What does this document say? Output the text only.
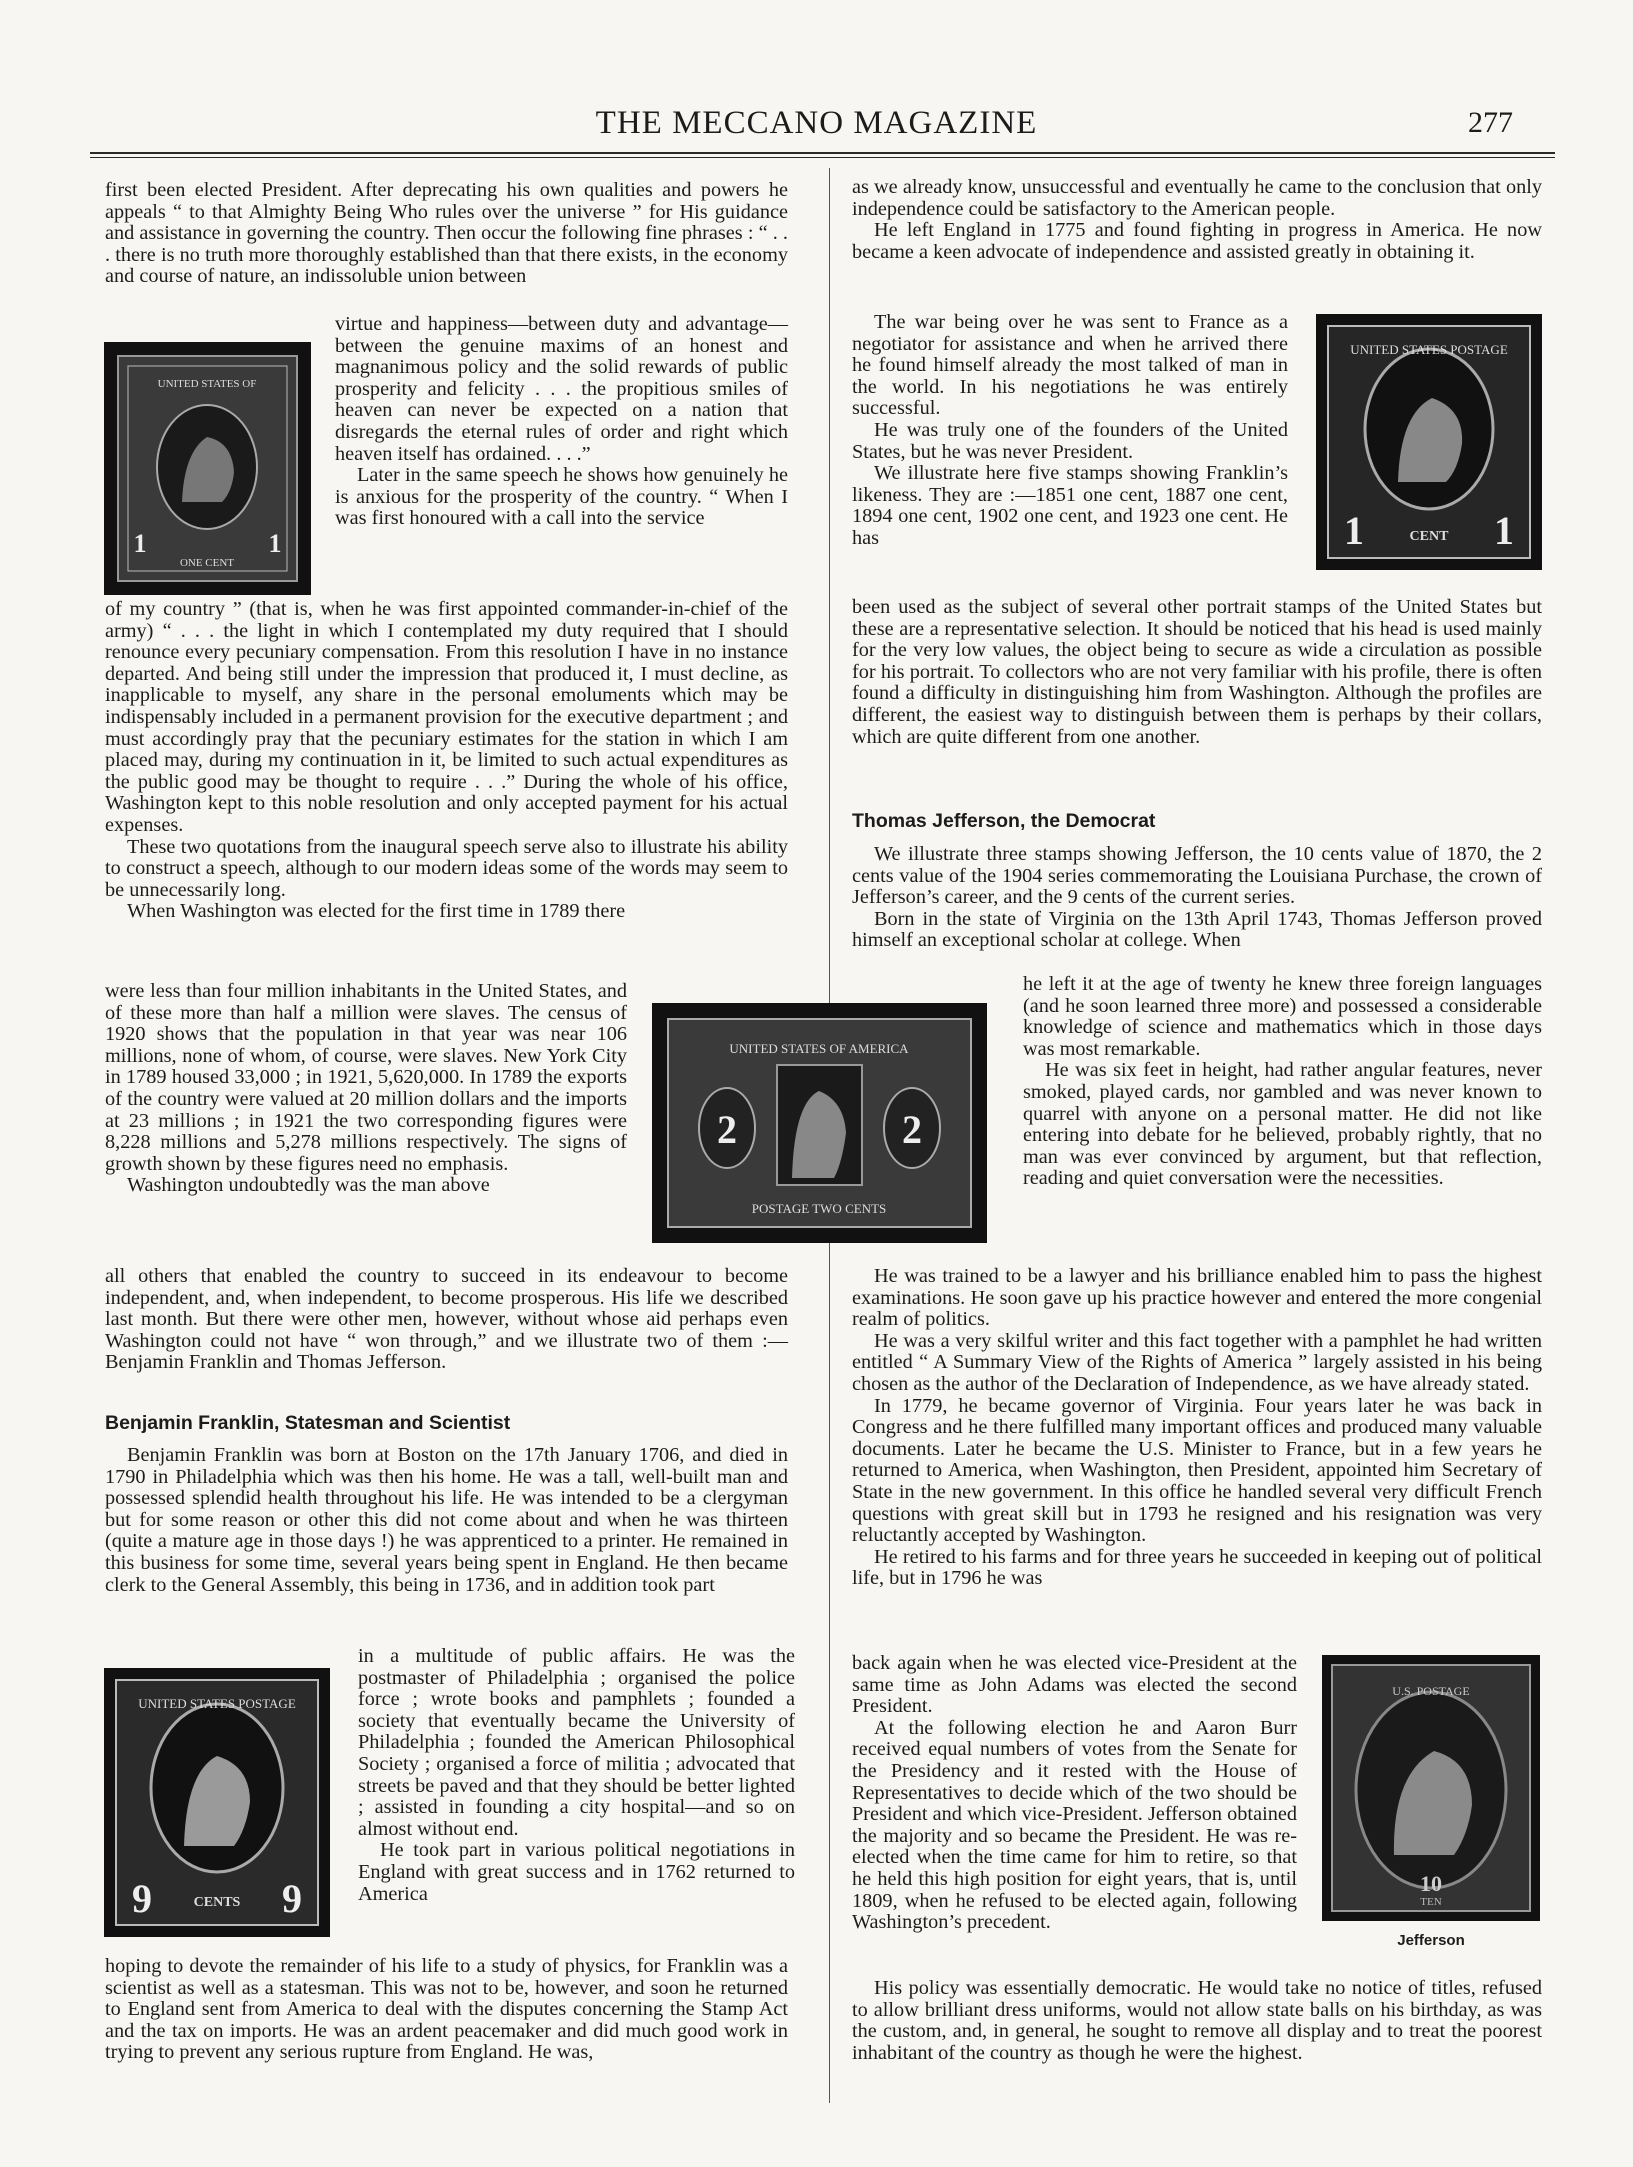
THE MECCANO MAGAZINE	277

first been elected President. After deprecating his own qualities and powers he appeals “ to that Almighty Being Who rules over the universe ” for His guidance and assistance in governing the country. Then occur the following fine phrases : “ . . . there is no truth more thoroughly established than that there exists, in the economy and course of nature, an indissoluble union between

virtue and happiness—between duty and advantage—between the genuine maxims of an honest and magnanimous policy and the solid rewards of public prosperity and felicity . . . the propitious smiles of heaven can never be expected on a nation that disregards the eternal rules of order and right which heaven itself has ordained. . . .”

Later in the same speech he shows how genuinely he is anxious for the prosperity of the country. “ When I was first honoured with a call into the service

of my country ” (that is, when he was first appointed commander-in-chief of the army) “ . . . the light in which I contemplated my duty required that I should renounce every pecuniary compensation. From this resolution I have in no instance departed. And being still under the impression that produced it, I must decline, as inapplicable to myself, any share in the personal emoluments which may be indispensably included in a permanent provision for the executive department ; and must accordingly pray that the pecuniary estimates for the station in which I am placed may, during my continuation in it, be limited to such actual expenditures as the public good may be thought to require . . .” During the whole of his office, Washington kept to this noble resolution and only accepted payment for his actual expenses.

These two quotations from the inaugural speech serve also to illustrate his ability to construct a speech, although to our modern ideas some of the words may seem to be unnecessarily long.

When Washington was elected for the first time in 1789 there

were less than four million inhabitants in the United States, and of these more than half a million were slaves. The census of 1920 shows that the population in that year was near 106 millions, none of whom, of course, were slaves. New York City in 1789 housed 33,000 ; in 1921, 5,620,000. In 1789 the exports of the country were valued at 20 million dollars and the imports at 23 millions ; in 1921 the two corresponding figures were 8,228 millions and 5,278 millions respectively. The signs of growth shown by these figures need no emphasis.

Washington undoubtedly was the man above

all others that enabled the country to succeed in its endeavour to become independent, and, when independent, to become prosperous. His life we described last month. But there were other men, however, without whose aid perhaps even Washington could not have “ won through,” and we illustrate two of them :— Benjamin Franklin and Thomas Jefferson.

Benjamin Franklin, Statesman and Scientist

Benjamin Franklin was born at Boston on the 17th January 1706, and died in 1790 in Philadelphia which was then his home. He was a tall, well-built man and possessed splendid health throughout his life. He was intended to be a clergyman but for some reason or other this did not come about and when he was thirteen (quite a mature age in those days !) he was apprenticed to a printer. He remained in this business for some time, several years being spent in England. He then became clerk to the General Assembly, this being in 1736, and in addition took part

in a multitude of public affairs. He was the postmaster of Philadelphia ; organised the police force ; wrote books and pamphlets ; founded a society that eventually became the University of Philadelphia ; founded the American Philosophical Society ; organised a force of militia ; advocated that streets be paved and that they should be better lighted ; assisted in founding a city hospital—and so on almost without end.

He took part in various political negotiations in England with great success and in 1762 returned to America

hoping to devote the remainder of his life to a study of physics, for Franklin was a scientist as well as a statesman. This was not to be, however, and soon he returned to England sent from America to deal with the disputes concerning the Stamp Act and the tax on imports. He was an ardent peacemaker and did much good work in trying to prevent any serious rupture from England. He was,

as we already know, unsuccessful and eventually he came to the conclusion that only independence could be satisfactory to the American people.

He left England in 1775 and found fighting in progress in America. He now became a keen advocate of independence and assisted greatly in obtaining it.

The war being over he was sent to France as a negotiator for assistance and when he arrived there he found himself already the most talked of man in the world. In his negotiations he was entirely successful.

He was truly one of the founders of the United States, but he was never President.

We illustrate here five stamps showing Franklin’s likeness. They are :—1851 one cent, 1887 one cent, 1894 one cent, 1902 one cent, and 1923 one cent. He has

been used as the subject of several other portrait stamps of the United States but these are a representative selection. It should be noticed that his head is used mainly for the very low values, the object being to secure as wide a circulation as possible for his portrait. To collectors who are not very familiar with his profile, there is often found a difficulty in distinguishing him from Washington. Although the profiles are different, the easiest way to distinguish between them is perhaps by their collars, which are quite different from one another.

Thomas Jefferson, the Democrat

We illustrate three stamps showing Jefferson, the 10 cents value of 1870, the 2 cents value of the 1904 series commemorating the Louisiana Purchase, the crown of Jefferson’s career, and the 9 cents of the current series.

Born in the state of Virginia on the 13th April 1743, Thomas Jefferson proved himself an exceptional scholar at college. When

he left it at the age of twenty he knew three foreign languages (and he soon learned three more) and possessed a considerable knowledge of science and mathematics which in those days was most remarkable.

He was six feet in height, had rather angular features, never smoked, played cards, nor gambled and was never known to quarrel with anyone on a personal matter. He did not like entering into debate for he believed, probably rightly, that no man was ever convinced by argument, but that reflection, reading and quiet conversation were the necessities.

He was trained to be a lawyer and his brilliance enabled him to pass the highest examinations. He soon gave up his practice however and entered the more congenial realm of politics.

He was a very skilful writer and this fact together with a pamphlet he had written entitled “ A Summary View of the Rights of America ” largely assisted in his being chosen as the author of the Declaration of Independence, as we have already stated.

In 1779, he became governor of Virginia. Four years later he was back in Congress and he there fulfilled many important offices and produced many valuable documents. Later he became the U.S. Minister to France, but in a few years he returned to America, when Washington, then President, appointed him Secretary of State in the new government. In this office he handled several very difficult French questions with great skill but in 1793 he resigned and his resignation was very reluctantly accepted by Washington.

He retired to his farms and for three years he succeeded in keeping out of political life, but in 1796 he was

back again when he was elected vice-President at the same time as John Adams was elected the second President.

At the following election he and Aaron Burr received equal numbers of votes from the Senate for the Presidency and it rested with the House of Representatives to decide which of the two should be President and which vice-President. Jefferson obtained the majority and so became the President. He was re-elected when the time came for him to retire, so that he held this high position for eight years, that is, until 1809, when he refused to be elected again, following Washington’s precedent.

His policy was essentially democratic. He would take no notice of titles, refused to allow brilliant dress uniforms, would not allow state balls on his birthday, as was the custom, and, in general, he sought to remove all display and to treat the poorest inhabitant of the country as though he were the highest.

UNITED STATES OF
1	1
ONE CENT
UNITED STATES POSTAGE
1	1
CENT
UNITED STATES OF AMERICA
2	2
POSTAGE TWO CENTS
UNITED STATES POSTAGE
9	9
CENTS
U.S. POSTAGE
10
TEN
Jefferson
